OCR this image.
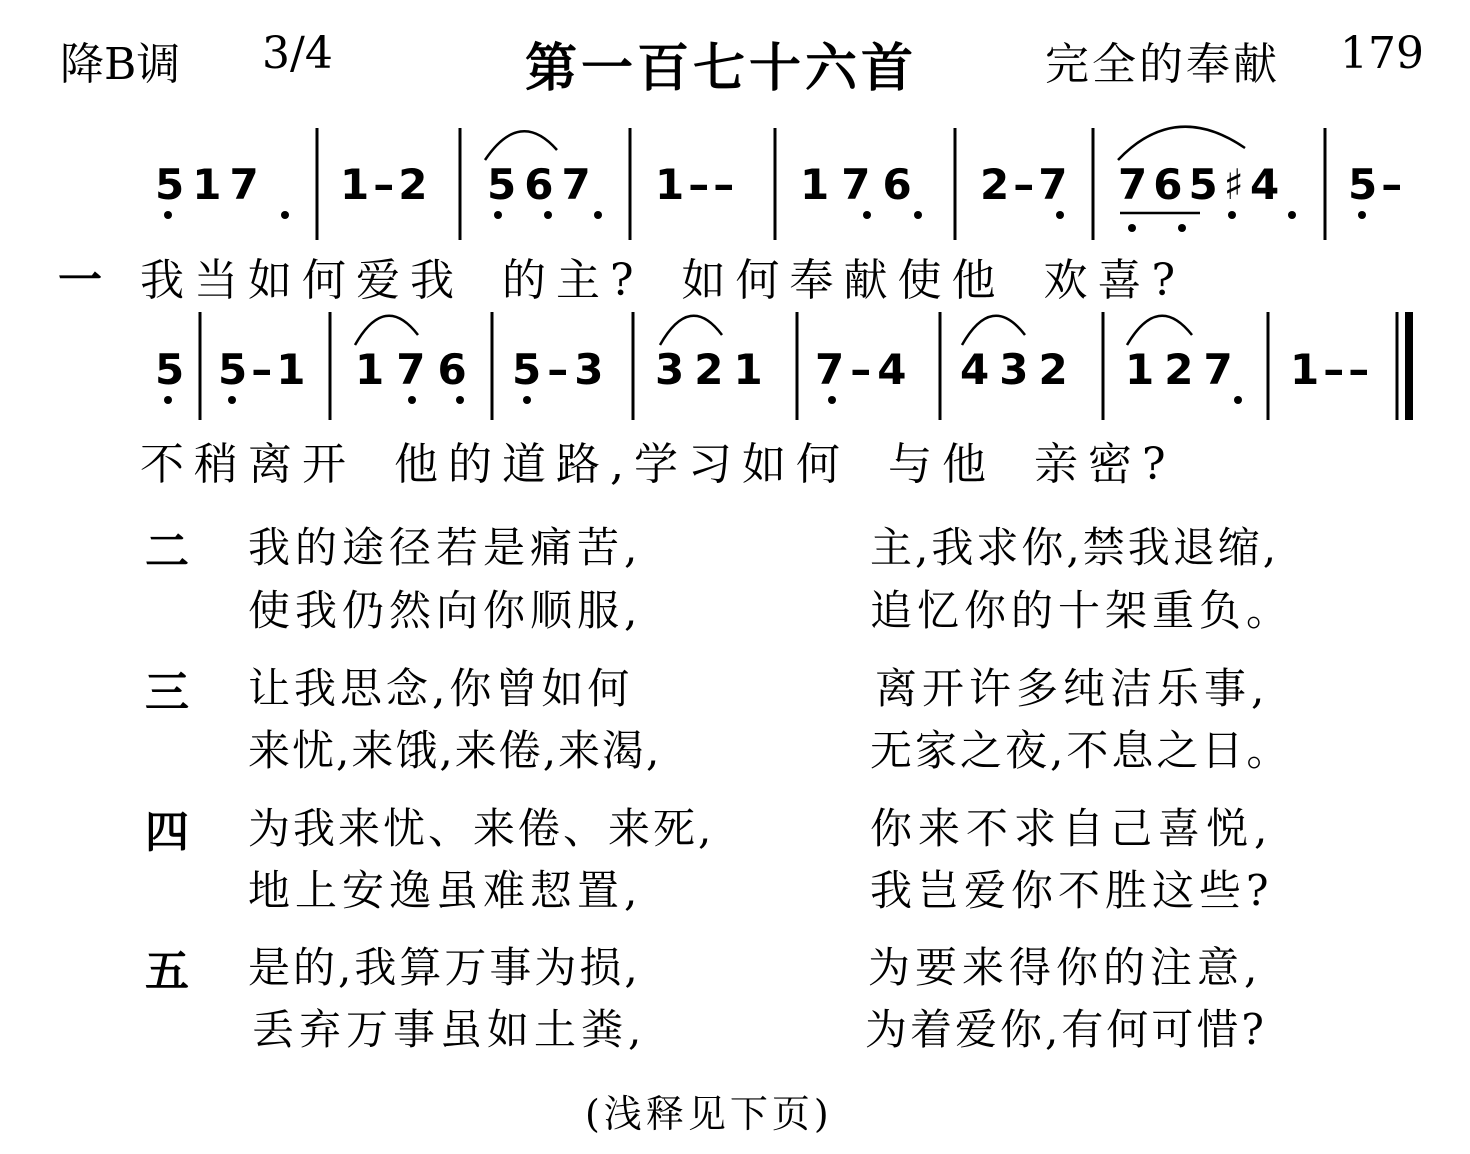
降B调 3/4	第一百七十六首	完全的奉献 179
517 1–2 567 1–– 176 2–7 765♯4 5–
一 我当如何爱我 的主? 如何奉献使他 欢喜?
5 5–1 176 5–3 321 7–4 432 127 1––
不稍离开 他的道路,学习如何 与他 亲密?
二 我的途径若是痛苦,	主,我求你,禁我退缩,
使我仍然向你顺服,	追忆你的十架重负。
三 让我思念,你曾如何	离开许多纯洁乐事,
来忧,来饿,来倦,来渴,	无家之夜,不息之日。
四 为我来忧、来倦、来死,	你来不求自己喜悦,
地上安逸虽难恝置,	我岂爱你不胜这些?
五 是的,我算万事为损,	为要来得你的注意,
丢弃万事虽如土粪,	为着爱你,有何可惜?
(浅释见下页)
